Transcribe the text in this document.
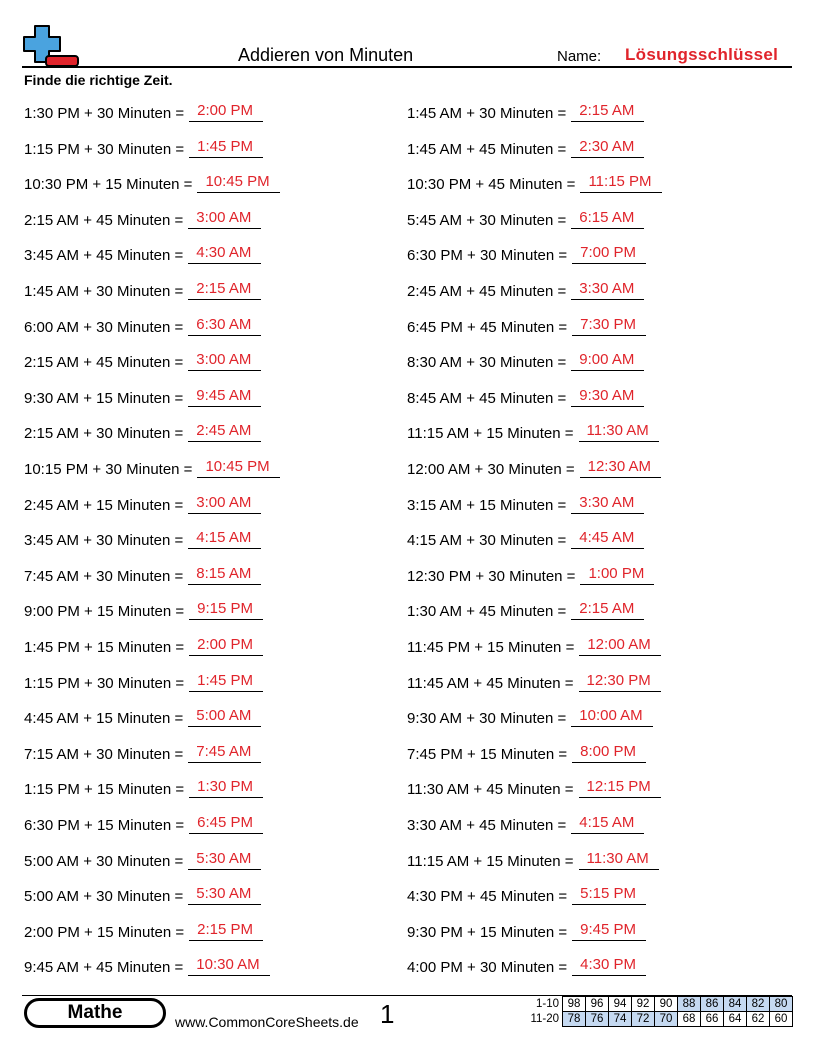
Addieren von Minuten	Name: Lösungsschlüssel
Finde die richtige Zeit.
1:30 PM + 30 Minuten = 2:00 PM
1:15 PM + 30 Minuten = 1:45 PM
10:30 PM + 15 Minuten = 10:45 PM
2:15 AM + 45 Minuten = 3:00 AM
3:45 AM + 45 Minuten = 4:30 AM
1:45 AM + 30 Minuten = 2:15 AM
6:00 AM + 30 Minuten = 6:30 AM
2:15 AM + 45 Minuten = 3:00 AM
9:30 AM + 15 Minuten = 9:45 AM
2:15 AM + 30 Minuten = 2:45 AM
10:15 PM + 30 Minuten = 10:45 PM
2:45 AM + 15 Minuten = 3:00 AM
3:45 AM + 30 Minuten = 4:15 AM
7:45 AM + 30 Minuten = 8:15 AM
9:00 PM + 15 Minuten = 9:15 PM
1:45 PM + 15 Minuten = 2:00 PM
1:15 PM + 30 Minuten = 1:45 PM
4:45 AM + 15 Minuten = 5:00 AM
7:15 AM + 30 Minuten = 7:45 AM
1:15 PM + 15 Minuten = 1:30 PM
6:30 PM + 15 Minuten = 6:45 PM
5:00 AM + 30 Minuten = 5:30 AM
5:00 AM + 30 Minuten = 5:30 AM
2:00 PM + 15 Minuten = 2:15 PM
9:45 AM + 45 Minuten = 10:30 AM
1:45 AM + 30 Minuten = 2:15 AM
1:45 AM + 45 Minuten = 2:30 AM
10:30 PM + 45 Minuten = 11:15 PM
5:45 AM + 30 Minuten = 6:15 AM
6:30 PM + 30 Minuten = 7:00 PM
2:45 AM + 45 Minuten = 3:30 AM
6:45 PM + 45 Minuten = 7:30 PM
8:30 AM + 30 Minuten = 9:00 AM
8:45 AM + 45 Minuten = 9:30 AM
11:15 AM + 15 Minuten = 11:30 AM
12:00 AM + 30 Minuten = 12:30 AM
3:15 AM + 15 Minuten = 3:30 AM
4:15 AM + 30 Minuten = 4:45 AM
12:30 PM + 30 Minuten = 1:00 PM
1:30 AM + 45 Minuten = 2:15 AM
11:45 PM + 15 Minuten = 12:00 AM
11:45 AM + 45 Minuten = 12:30 PM
9:30 AM + 30 Minuten = 10:00 AM
7:45 PM + 15 Minuten = 8:00 PM
11:30 AM + 45 Minuten = 12:15 PM
3:30 AM + 45 Minuten = 4:15 AM
11:15 AM + 15 Minuten = 11:30 AM
4:30 PM + 45 Minuten = 5:15 PM
9:30 PM + 15 Minuten = 9:45 PM
4:00 PM + 30 Minuten = 4:30 PM
Mathe	www.CommonCoreSheets.de 1	1-10	98	96	94	92	90	88	86	84	82	80
11-20	78	76	74	72	70	68	66	64	62	60
